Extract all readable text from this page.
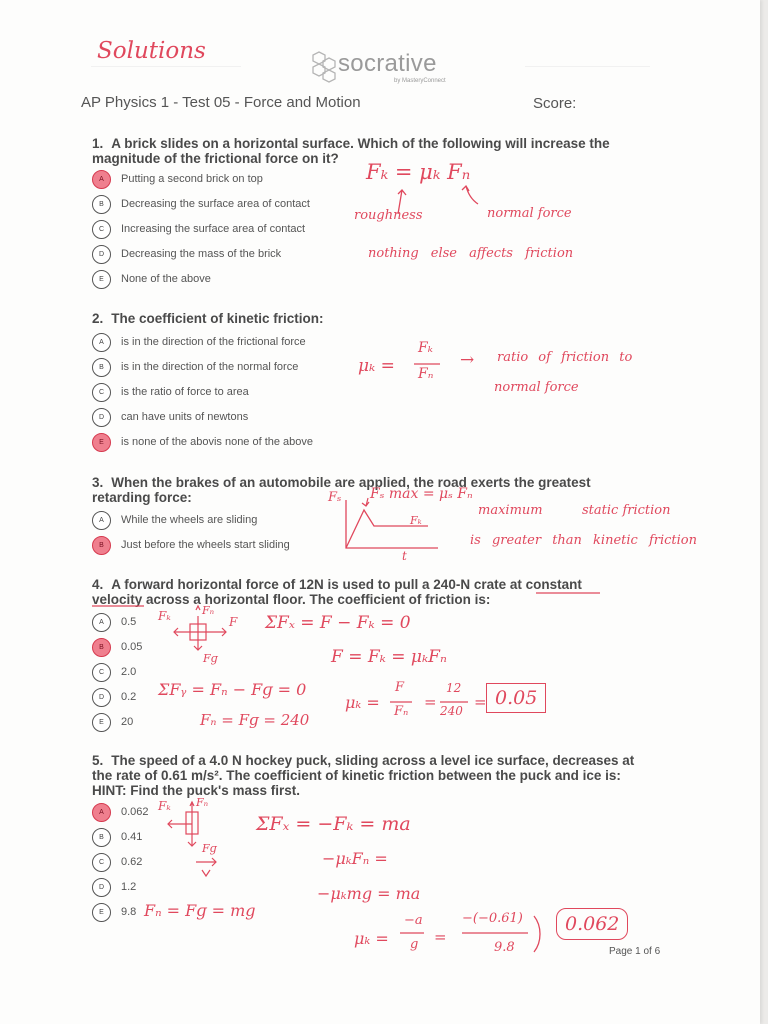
Solutions	socrative
by MasteryConnect
AP Physics 1 - Test 05 - Force and Motion	Score:
1. A brick slides on a horizontal surface. Which of the following will increase the
magnitude of the frictional force on it?
A	Putting a second brick on top
B	Decreasing the surface area of contact
C	Increasing the surface area of contact
D	Decreasing the mass of the brick
E	None of the above
Fₖ = μₖ Fₙ
roughness	normal force
nothing else affects friction
2. The coefficient of kinetic friction:
A	is in the direction of the frictional force
B	is in the direction of the normal force
C	is the ratio of force to area
D	can have units of newtons
E	is none of the abovis none of the above
μₖ =
Fₖ
Fₙ
→ ratio of friction to
normal force
3. When the brakes of an automobile are applied, the road exerts the greatest
retarding force:
A	While the wheels are sliding
B	Just before the wheels start sliding
Fₛ Fₛ max = μₛ Fₙ
maximum	static friction
Fₖ
is greater than kinetic friction
t
4. A forward horizontal force of 12N is used to pull a 240-N crate at constant
velocity across a horizontal floor. The coefficient of friction is:
A	0.5
B	0.05
C	2.0
D	0.2
E	20
Fₖ	Fₙ
F
Fɡ
ΣFₓ = F − Fₖ = 0
F = Fₖ = μₖFₙ
ΣFᵧ = Fₙ − Fɡ = 0
Fₙ = Fɡ = 240
μₖ =
F
Fₙ
=
12
240 = 0.05
5. The speed of a 4.0 N hockey puck, sliding across a level ice surface, decreases at
the rate of 0.61 m/s². The coefficient of kinetic friction between the puck and ice is:
HINT: Find the puck's mass first.
A	0.062
B	0.41
C	0.62
D	1.2
E	9.8
Fₖ Fₙ
Fɡ
Fₙ = Fɡ = mg
ΣFₓ = −Fₖ = ma
−μₖFₙ =
−μₖmg = ma
μₖ =
−a
g =
−(−0.61)
9.8
0.062
Page 1 of 6
